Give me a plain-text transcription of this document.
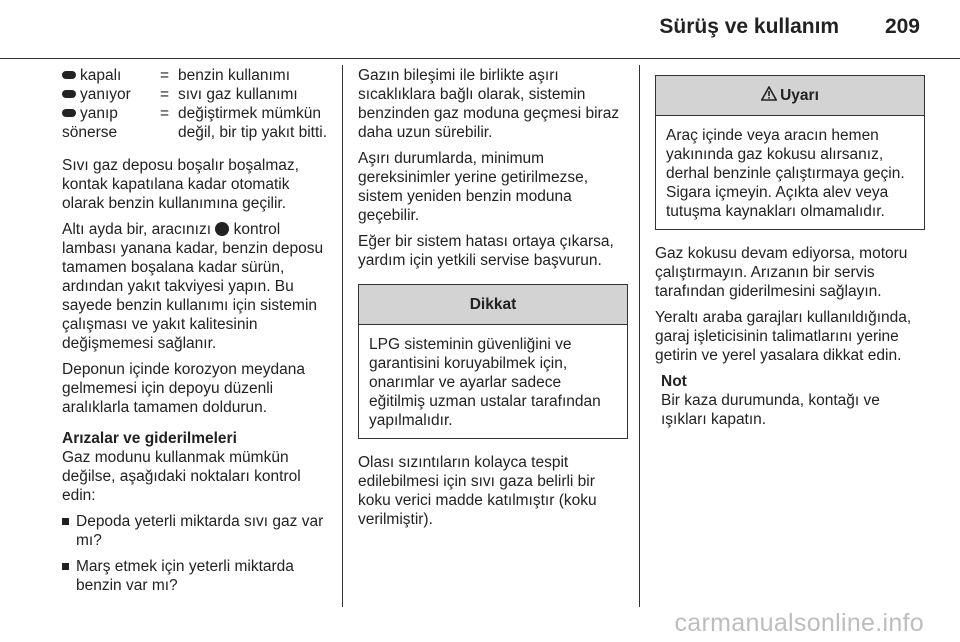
Sürüş ve kullanım 209
kapalı	=	benzin kullanımı
yanıyor	=	sıvı gaz kullanımı
yanıp sönerse	=	değiştirmek mümkün değil, bir tip yakıt bitti.

Sıvı gaz deposu boşalır boşalmaz, kontak kapatılana kadar otomatik olarak benzin kullanımına geçilir.

Altı ayda bir, aracınızı kontrol lambası yanana kadar, benzin deposu tamamen boşalana kadar sürün, ardından yakıt takviyesi yapın. Bu sayede benzin kullanımı için sistemin çalışması ve yakıt kalitesinin değişmemesi sağlanır.

Deponun içinde korozyon meydana gelmemesi için depoyu düzenli aralıklarla tamamen doldurun.

Arızalar ve giderilmeleri

Gaz modunu kullanmak mümkün değilse, aşağıdaki noktaları kontrol edin:

Depoda yeterli miktarda sıvı gaz var mı?
Marş etmek için yeterli miktarda benzin var mı?

Gazın bileşimi ile birlikte aşırı sıcaklıklara bağlı olarak, sistemin benzinden gaz moduna geçmesi biraz daha uzun sürebilir.

Aşırı durumlarda, minimum gereksinimler yerine getirilmezse, sistem yeniden benzin moduna geçebilir.

Eğer bir sistem hatası ortaya çıkarsa, yardım için yetkili servise başvurun.

Dikkat
LPG sisteminin güvenliğini ve garantisini koruyabilmek için, onarımlar ve ayarlar sadece eğitilmiş uzman ustalar tarafından yapılmalıdır.

Olası sızıntıların kolayca tespit edilebilmesi için sıvı gaza belirli bir koku verici madde katılmıştır (koku verilmiştir).

Uyarı
Araç içinde veya aracın hemen yakınında gaz kokusu alırsanız, derhal benzinle çalıştırmaya geçin. Sigara içmeyin. Açıkta alev veya tutuşma kaynakları olmamalıdır.

Gaz kokusu devam ediyorsa, motoru çalıştırmayın. Arızanın bir servis tarafından giderilmesini sağlayın.

Yeraltı araba garajları kullanıldığında, garaj işleticisinin talimatlarını yerine getirin ve yerel yasalara dikkat edin.

Not
Bir kaza durumunda, kontağı ve ışıkları kapatın.
carmanualsonline.info
